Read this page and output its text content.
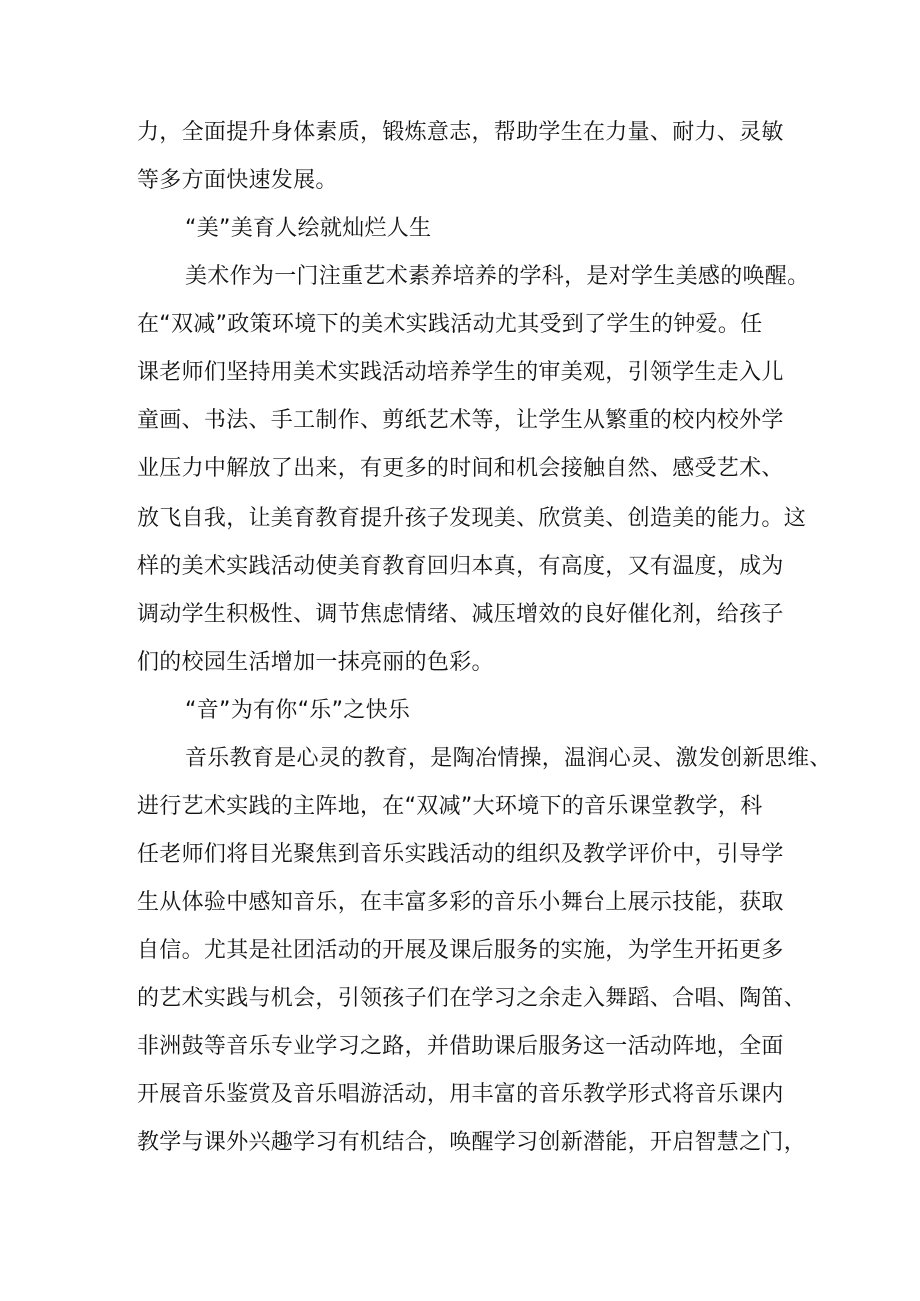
力，全面提升身体素质，锻炼意志，帮助学生在力量、耐力、灵敏

等多方面快速发展。

“美”美育人绘就灿烂人生

美术作为一门注重艺术素养培养的学科，是对学生美感的唤醒。

在“双减”政策环境下的美术实践活动尤其受到了学生的钟爱。任

课老师们坚持用美术实践活动培养学生的审美观，引领学生走入儿

童画、书法、手工制作、剪纸艺术等，让学生从繁重的校内校外学

业压力中解放了出来，有更多的时间和机会接触自然、感受艺术、

放飞自我，让美育教育提升孩子发现美、欣赏美、创造美的能力。这

样的美术实践活动使美育教育回归本真，有高度，又有温度，成为

调动学生积极性、调节焦虑情绪、减压增效的良好催化剂，给孩子

们的校园生活增加一抹亮丽的色彩。

“音”为有你“乐”之快乐

音乐教育是心灵的教育，是陶冶情操，温润心灵、激发创新思维、

进行艺术实践的主阵地，在“双减”大环境下的音乐课堂教学，科

任老师们将目光聚焦到音乐实践活动的组织及教学评价中，引导学

生从体验中感知音乐，在丰富多彩的音乐小舞台上展示技能，获取

自信。尤其是社团活动的开展及课后服务的实施，为学生开拓更多

的艺术实践与机会，引领孩子们在学习之余走入舞蹈、合唱、陶笛、

非洲鼓等音乐专业学习之路，并借助课后服务这一活动阵地，全面

开展音乐鉴赏及音乐唱游活动，用丰富的音乐教学形式将音乐课内

教学与课外兴趣学习有机结合，唤醒学习创新潜能，开启智慧之门，
